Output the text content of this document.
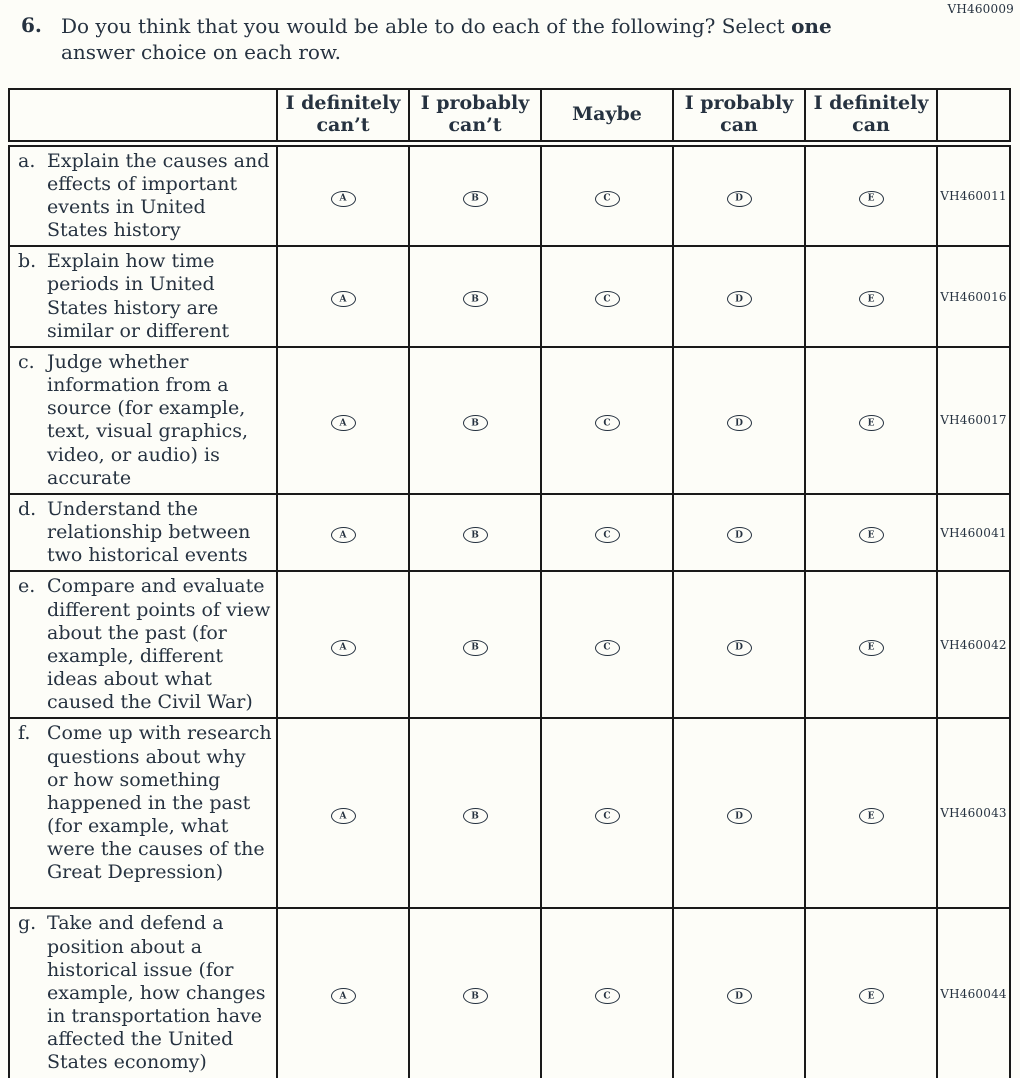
VH460009
6. Do you think that you would be able to do each of the following? Select one answer choice on each row.
	I definitely can’t	I probably can’t	Maybe	I probably can	I definitely can	

a. Explain the causes and effects of important events in United States history	A	B	C	D	E	VH460011

b. Explain how time periods in United States history are similar or different	A	B	C	D	E	VH460016

c. Judge whether information from a source (for example, text, visual graphics, video, or audio) is accurate	A	B	C	D	E	VH460017

d. Understand the relationship between two historical events	A	B	C	D	E	VH460041

e. Compare and evaluate different points of view about the past (for example, different ideas about what caused the Civil War)	A	B	C	D	E	VH460042

f. Come up with research questions about why or how something happened in the past (for example, what were the causes of the Great Depression)	A	B	C	D	E	VH460043

g. Take and defend a position about a historical issue (for example, how changes in transportation have affected the United States economy)	A	B	C	D	E	VH460044
